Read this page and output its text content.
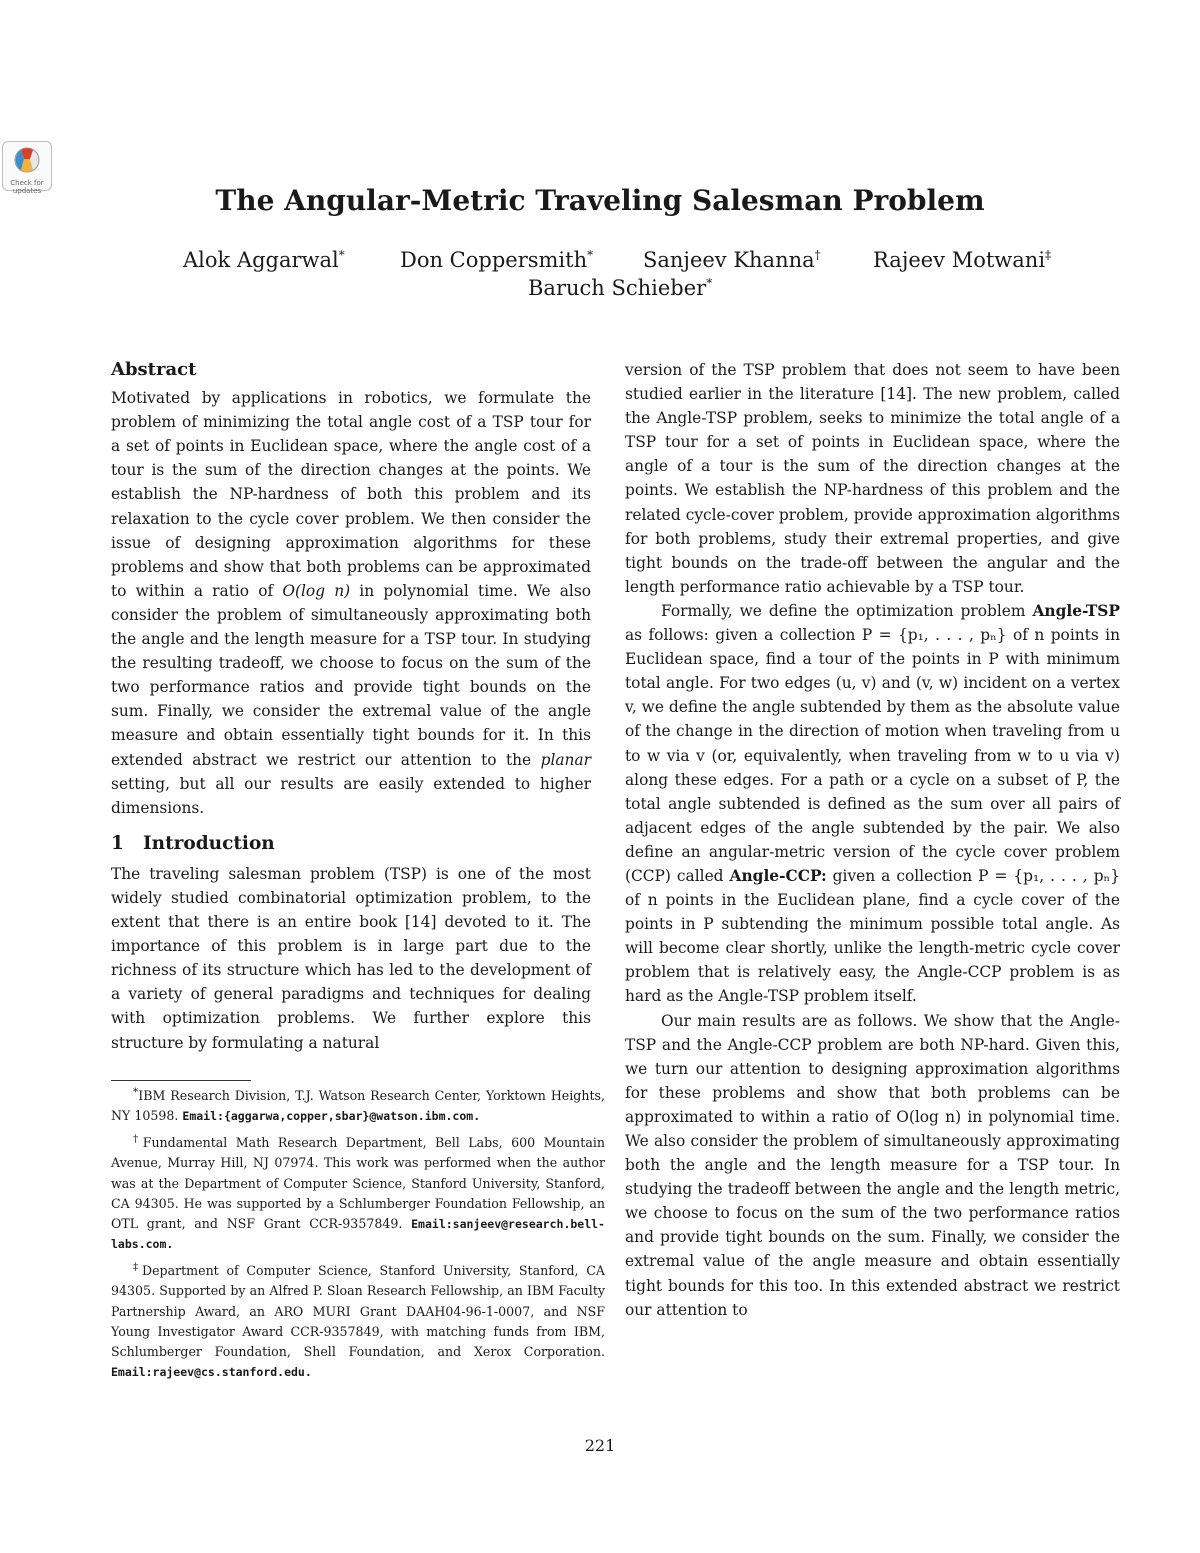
Check for updates	The Angular-Metric Traveling Salesman Problem
Alok Aggarwal*	Don Coppersmith* Sanjeev Khanna† Rajeev Motwani‡
Baruch Schieber*
Abstract

Motivated by applications in robotics, we formulate the problem of minimizing the total angle cost of a TSP tour for a set of points in Euclidean space, where the angle cost of a tour is the sum of the direction changes at the points. We establish the NP-hardness of both this problem and its relaxation to the cycle cover problem. We then consider the issue of designing approximation algorithms for these problems and show that both problems can be approximated to within a ratio of O(log n) in polynomial time. We also consider the problem of simultaneously approximating both the angle and the length measure for a TSP tour. In studying the resulting tradeoff, we choose to focus on the sum of the two performance ratios and provide tight bounds on the sum. Finally, we consider the extremal value of the angle measure and obtain essentially tight bounds for it. In this extended abstract we restrict our attention to the planar setting, but all our results are easily extended to higher dimensions.

1 Introduction

The traveling salesman problem (TSP) is one of the most widely studied combinatorial optimization problem, to the extent that there is an entire book [14] devoted to it. The importance of this problem is in large part due to the richness of its structure which has led to the development of a variety of general paradigms and techniques for dealing with optimization problems. We further explore this structure by formulating a natural

*IBM Research Division, T.J. Watson Research Center, Yorktown Heights, NY 10598. Email:{aggarwa,copper,sbar}@watson.ibm.com.

†Fundamental Math Research Department, Bell Labs, 600 Mountain Avenue, Murray Hill, NJ 07974. This work was performed when the author was at the Department of Computer Science, Stanford University, Stanford, CA 94305. He was supported by a Schlumberger Foundation Fellowship, an OTL grant, and NSF Grant CCR-9357849. Email:sanjeev@research.bell-labs.com.

‡Department of Computer Science, Stanford University, Stanford, CA 94305. Supported by an Alfred P. Sloan Research Fellowship, an IBM Faculty Partnership Award, an ARO MURI Grant DAAH04-96-1-0007, and NSF Young Investigator Award CCR-9357849, with matching funds from IBM, Schlumberger Foundation, Shell Foundation, and Xerox Corporation. Email:rajeev@cs.stanford.edu.

version of the TSP problem that does not seem to have been studied earlier in the literature [14]. The new problem, called the Angle-TSP problem, seeks to minimize the total angle of a TSP tour for a set of points in Euclidean space, where the angle of a tour is the sum of the direction changes at the points. We establish the NP-hardness of this problem and the related cycle-cover problem, provide approximation algorithms for both problems, study their extremal properties, and give tight bounds on the trade-off between the angular and the length performance ratio achievable by a TSP tour.

Formally, we define the optimization problem Angle-TSP as follows: given a collection P = {p₁, . . . , pₙ} of n points in Euclidean space, find a tour of the points in P with minimum total angle. For two edges (u, v) and (v, w) incident on a vertex v, we define the angle subtended by them as the absolute value of the change in the direction of motion when traveling from u to w via v (or, equivalently, when traveling from w to u via v) along these edges. For a path or a cycle on a subset of P, the total angle subtended is defined as the sum over all pairs of adjacent edges of the angle subtended by the pair. We also define an angular-metric version of the cycle cover problem (CCP) called Angle-CCP: given a collection P = {p₁, . . . , pₙ} of n points in the Euclidean plane, find a cycle cover of the points in P subtending the minimum possible total angle. As will become clear shortly, unlike the length-metric cycle cover problem that is relatively easy, the Angle-CCP problem is as hard as the Angle-TSP problem itself.

Our main results are as follows. We show that the Angle-TSP and the Angle-CCP problem are both NP-hard. Given this, we turn our attention to designing approximation algorithms for these problems and show that both problems can be approximated to within a ratio of O(log n) in polynomial time. We also consider the problem of simultaneously approximating both the angle and the length measure for a TSP tour. In studying the tradeoff between the angle and the length metric, we choose to focus on the sum of the two performance ratios and provide tight bounds on the sum. Finally, we consider the extremal value of the angle measure and obtain essentially tight bounds for this too. In this extended abstract we restrict our attention to

221
